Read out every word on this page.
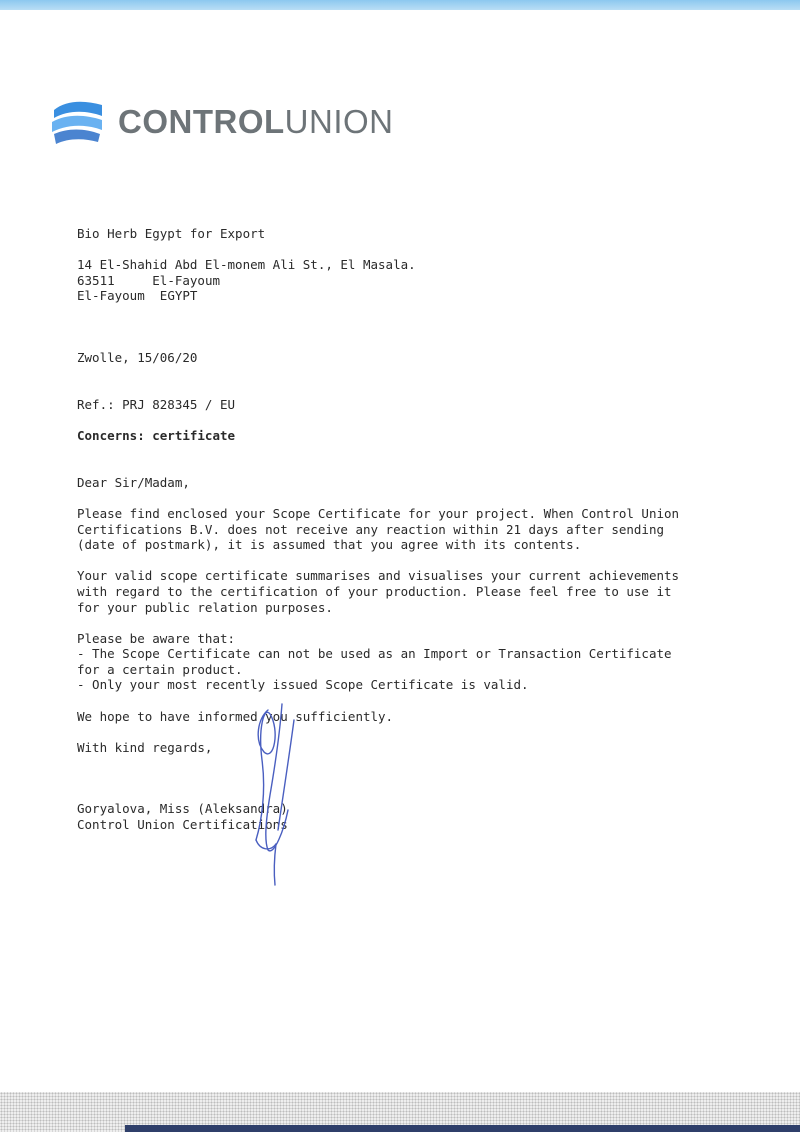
CONTROLUNION

Bio Herb Egypt for Export

14 El-Shahid Abd El-monem Ali St., El Masala.

63511	El-Fayoum

El-Fayoum EGYPT

Zwolle, 15/06/20

Ref.: PRJ 828345 / EU

Concerns: certificate

Dear Sir/Madam,

Please find enclosed your Scope Certificate for your project. When Control Union

Certifications B.V. does not receive any reaction within 21 days after sending

(date of postmark), it is assumed that you agree with its contents.

Your valid scope certificate summarises and visualises your current achievements

with regard to the certification of your production. Please feel free to use it

for your public relation purposes.

Please be aware that:

- The Scope Certificate can not be used as an Import or Transaction Certificate

for a certain product.

- Only your most recently issued Scope Certificate is valid.

We hope to have informed you sufficiently.

With kind regards,

Goryalova, Miss (Aleksandra)

Control Union Certifications
